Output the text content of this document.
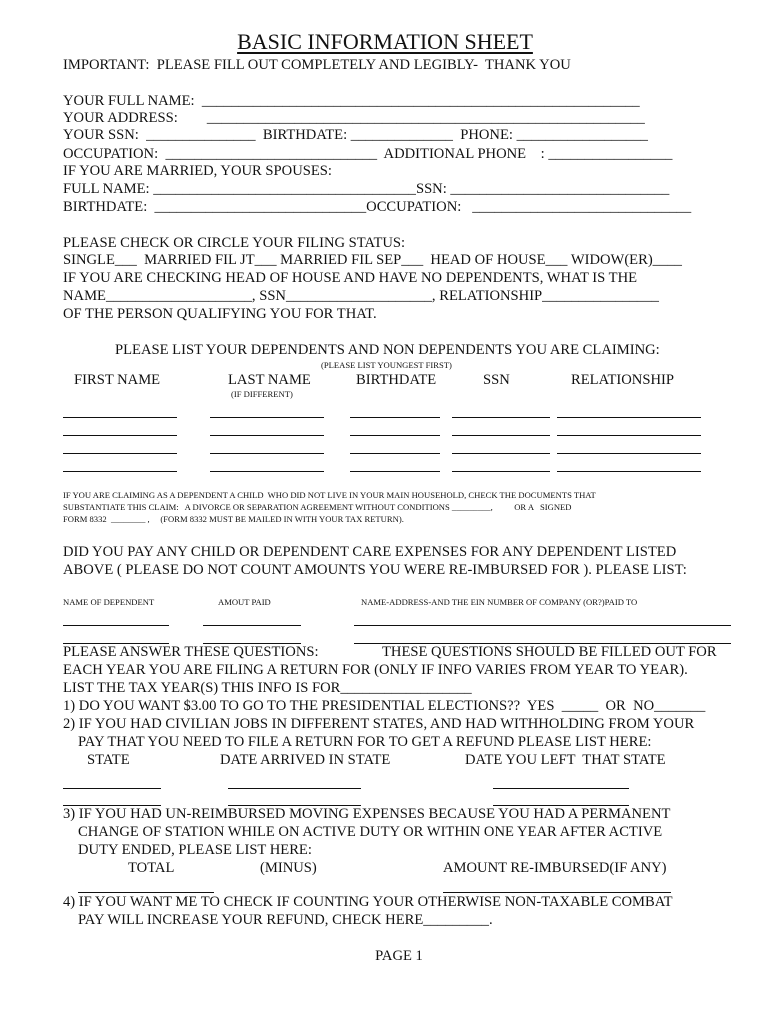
BASIC INFORMATION SHEET
IMPORTANT:  PLEASE FILL OUT COMPLETELY AND LEGIBLY-  THANK YOU
YOUR FULL NAME:  ____________________________________________________________
YOUR ADDRESS:        ____________________________________________________________
YOUR SSN:  _______________  BIRTHDATE: ______________  PHONE: __________________
OCCUPATION:  _____________________________  ADDITIONAL PHONE    : _________________
IF YOU ARE MARRIED, YOUR SPOUSES:
FULL NAME: ____________________________________SSN: ______________________________
BIRTHDATE:  _____________________________OCCUPATION:   ______________________________
PLEASE CHECK OR CIRCLE YOUR FILING STATUS:
SINGLE___  MARRIED FIL JT___ MARRIED FIL SEP___  HEAD OF HOUSE___ WIDOW(ER)____
IF YOU ARE CHECKING HEAD OF HOUSE AND HAVE NO DEPENDENTS, WHAT IS THE
NAME____________________, SSN____________________, RELATIONSHIP________________
OF THE PERSON QUALIFYING YOU FOR THAT.
PLEASE LIST YOUR DEPENDENTS AND NON DEPENDENTS YOU ARE CLAIMING:
(PLEASE LIST YOUNGEST FIRST)
FIRST NAME	LAST NAME	BIRTHDATE	SSN	RELATIONSHIP
(IF DIFFERENT)
IF YOU ARE CLAIMING AS A DEPENDENT A CHILD  WHO DID NOT LIVE IN YOUR MAIN HOUSEHOLD, CHECK THE DOCUMENTS THAT
SUBSTANTIATE THIS CLAIM:   A DIVORCE OR SEPARATION AGREEMENT WITHOUT CONDITIONS _________,          OR A   SIGNED
FORM 8332  ________ ,     (FORM 8332 MUST BE MAILED IN WITH YOUR TAX RETURN).
DID YOU PAY ANY CHILD OR DEPENDENT CARE EXPENSES FOR ANY DEPENDENT LISTED
ABOVE ( PLEASE DO NOT COUNT AMOUNTS YOU WERE RE-IMBURSED FOR ). PLEASE LIST:
NAME OF DEPENDENT	AMOUT PAID	NAME-ADDRESS-AND THE EIN NUMBER OF COMPANY (OR?)PAID TO
PLEASE ANSWER THESE QUESTIONS:	THESE QUESTIONS SHOULD BE FILLED OUT FOR
EACH YEAR YOU ARE FILING A RETURN FOR (ONLY IF INFO VARIES FROM YEAR TO YEAR).
LIST THE TAX YEAR(S) THIS INFO IS FOR__________________
1) DO YOU WANT $3.00 TO GO TO THE PRESIDENTIAL ELECTIONS??  YES  _____  OR  NO_______
2) IF YOU HAD CIVILIAN JOBS IN DIFFERENT STATES, AND HAD WITHHOLDING FROM YOUR
PAY THAT YOU NEED TO FILE A RETURN FOR TO GET A REFUND PLEASE LIST HERE:
STATE	DATE ARRIVED IN STATE	DATE YOU LEFT  THAT STATE
3) IF YOU HAD UN-REIMBURSED MOVING EXPENSES BECAUSE YOU HAD A PERMANENT
CHANGE OF STATION WHILE ON ACTIVE DUTY OR WITHIN ONE YEAR AFTER ACTIVE
DUTY ENDED, PLEASE LIST HERE:
TOTAL	(MINUS)	AMOUNT RE-IMBURSED(IF ANY)
4) IF YOU WANT ME TO CHECK IF COUNTING YOUR OTHERWISE NON-TAXABLE COMBAT
PAY WILL INCREASE YOUR REFUND, CHECK HERE_________.
PAGE 1
